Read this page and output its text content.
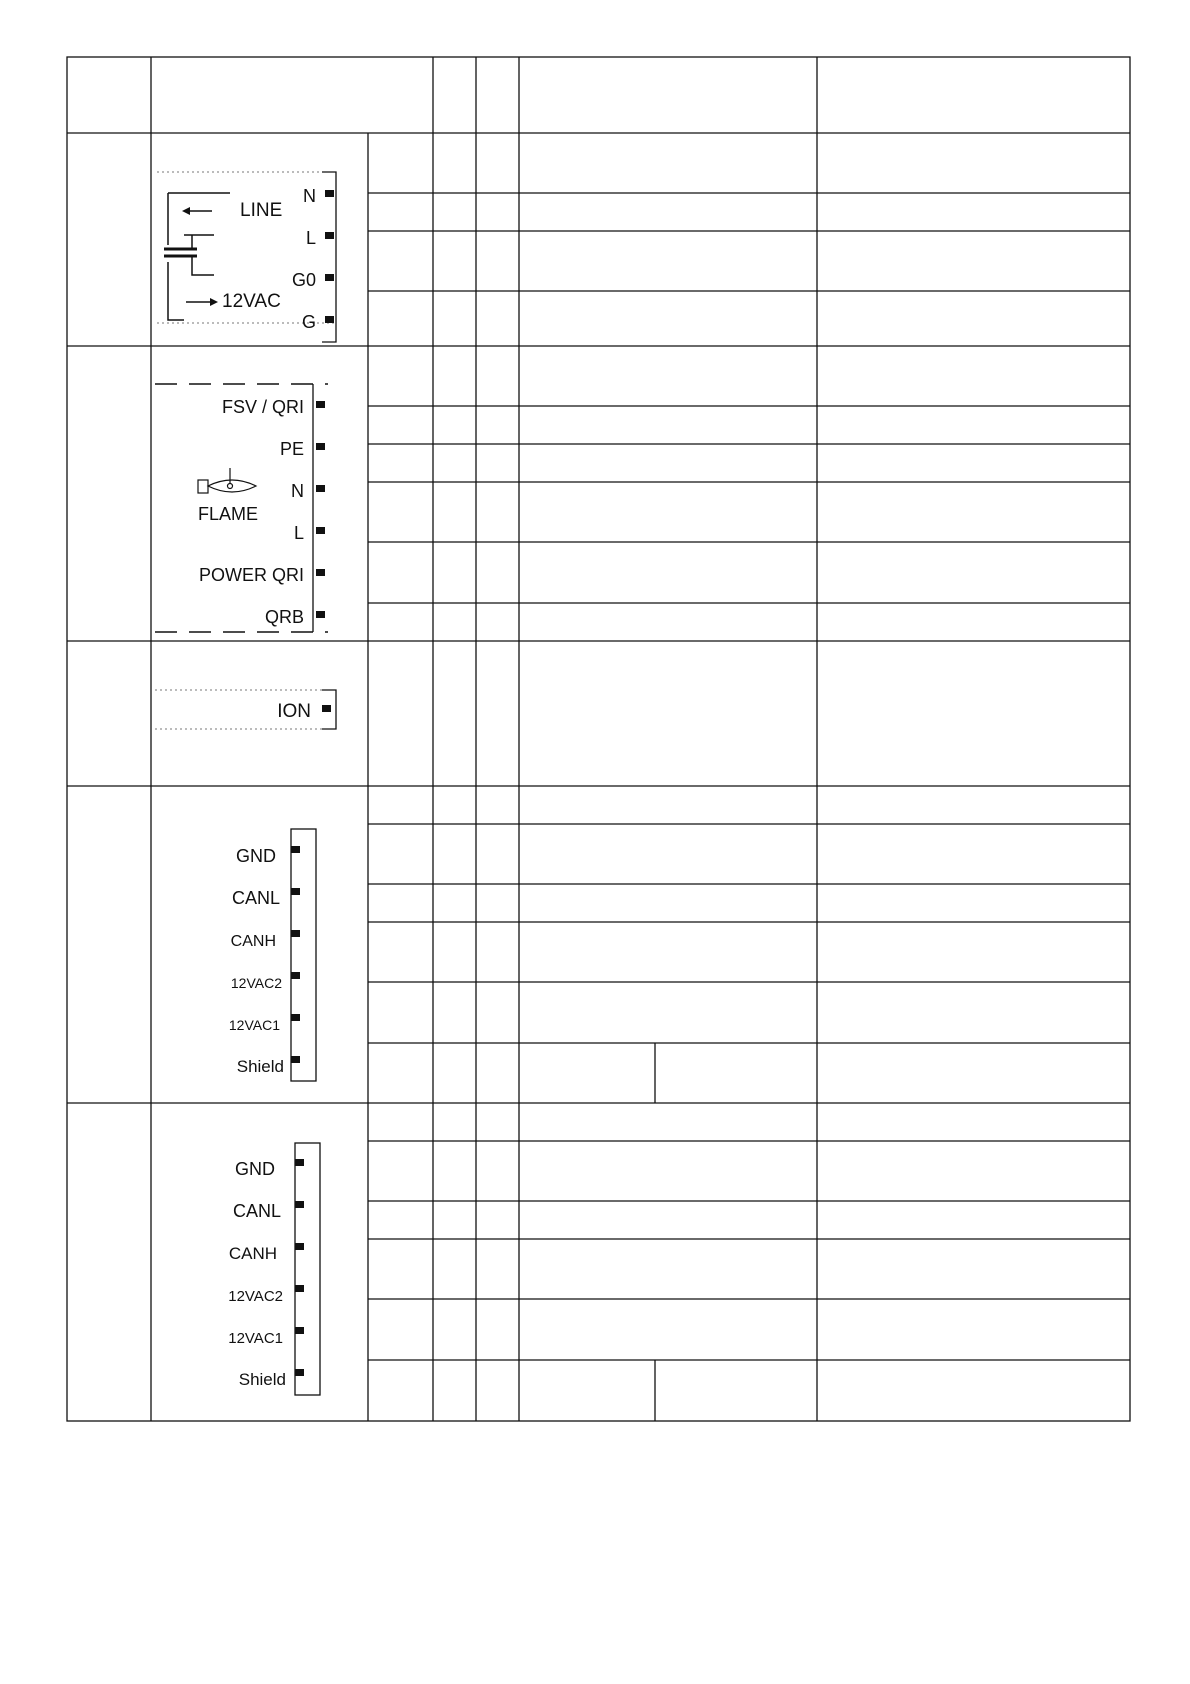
N
L
G0
G
LINE
12VAC
FSV / QRI
PE
N
L
POWER QRI
QRB
FLAME
ION
GND
CANL
CANH
12VAC2
12VAC1
Shield
GND
CANL
CANH
12VAC2
12VAC1
Shield
